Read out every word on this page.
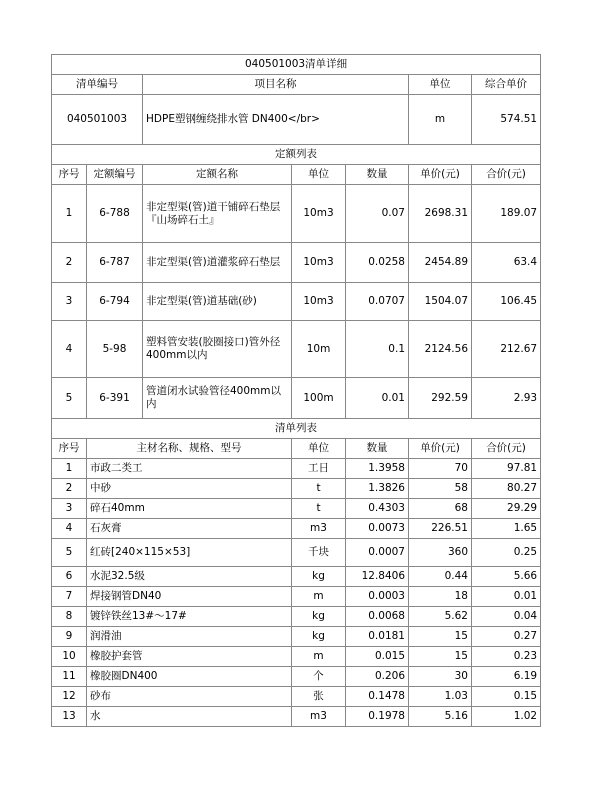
040501003清单详细						
清单编号		项目名称			单位	综合单价
040501003		HDPE塑钢缠绕排水管 DN400</br>			m	574.51
定额列表						
序号	定额编号	定额名称	单位	数量	单价(元)	合价(元)
1	6-788	非定型渠(管)道干铺碎石垫层『山场碎石土』	10m3	0.07	2698.31	189.07
2	6-787	非定型渠(管)道灌浆碎石垫层	10m3	0.0258	2454.89	63.4
3	6-794	非定型渠(管)道基础(砂)	10m3	0.0707	1504.07	106.45
4	5-98	塑料管安装(胶圈接口)管外径400mm以内	10m	0.1	2124.56	212.67
5	6-391	管道闭水试验管径400mm以内	100m	0.01	292.59	2.93
清单列表						
序号	主材名称、规格、型号		单位	数量	单价(元)	合价(元)
1	市政二类工		工日	1.3958	70	97.81
2	中砂		t	1.3826	58	80.27
3	碎石40mm		t	0.4303	68	29.29
4	石灰膏		m3	0.0073	226.51	1.65
5	红砖[240×115×53]		千块	0.0007	360	0.25
6	水泥32.5级		kg	12.8406	0.44	5.66
7	焊接钢管DN40		m	0.0003	18	0.01
8	镀锌铁丝13#～17#		kg	0.0068	5.62	0.04
9	润滑油		kg	0.0181	15	0.27
10	橡胶护套管		m	0.015	15	0.23
11	橡胶圈DN400		个	0.206	30	6.19
12	砂布		张	0.1478	1.03	0.15
13	水		m3	0.1978	5.16	1.02
